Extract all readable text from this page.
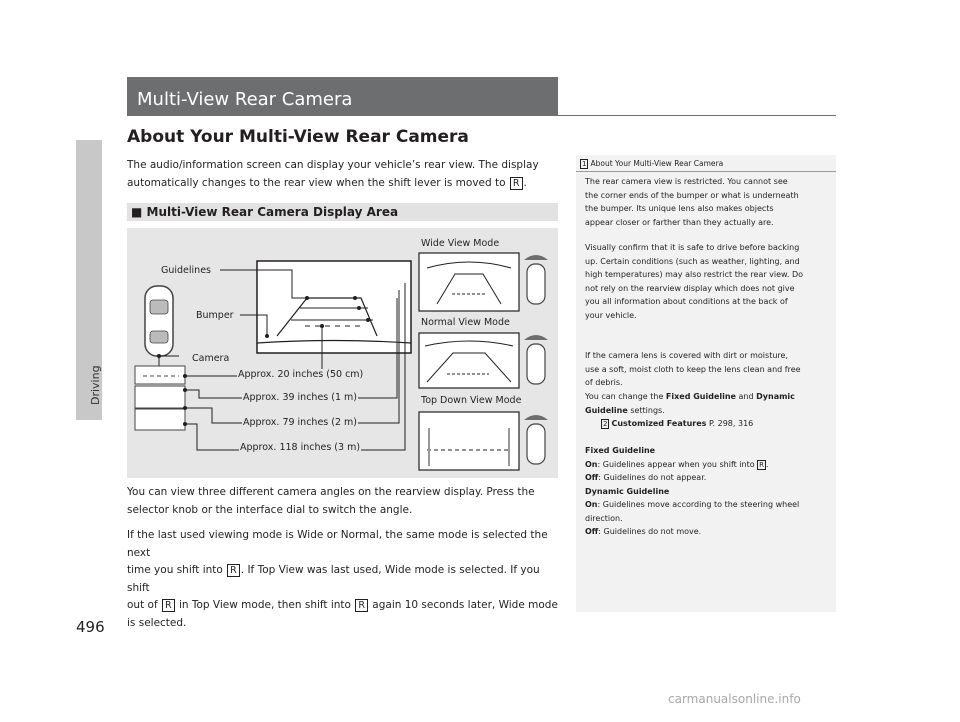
Driving
496
Multi-View Rear Camera
About Your Multi-View Rear Camera
The audio/information screen can display your vehicle’s rear view. The display
automatically changes to the rear view when the shift lever is moved to R .
■ Multi-View Rear Camera Display Area
Guidelines
Bumper
Camera
Approx. 20 inches (50 cm)
Approx. 39 inches (1 m)
Approx. 79 inches (2 m)
Approx. 118 inches (3 m)
Wide View Mode
Normal View Mode
Top Down View Mode
You can view three different camera angles on the rearview display. Press the
selector knob or the interface dial to switch the angle.
If the last used viewing mode is Wide or Normal, the same mode is selected the next
time you shift into R . If Top View was last used, Wide mode is selected. If you shift
out of R in Top View mode, then shift into R again 10 seconds later, Wide mode
is selected.
1 About Your Multi-View Rear Camera
The rear camera view is restricted. You cannot see
the corner ends of the bumper or what is underneath
the bumper. Its unique lens also makes objects
appear closer or farther than they actually are.
Visually confirm that it is safe to drive before backing
up. Certain conditions (such as weather, lighting, and
high temperatures) may also restrict the rear view. Do
not rely on the rearview display which does not give
you all information about conditions at the back of
your vehicle.
If the camera lens is covered with dirt or moisture,
use a soft, moist cloth to keep the lens clean and free
of debris.
You can change the Fixed Guideline and Dynamic
Guideline settings.
2 Customized Features P. 298, 316
Fixed Guideline
On: Guidelines appear when you shift into R .
Off: Guidelines do not appear.
Dynamic Guideline
On: Guidelines move according to the steering wheel
direction.
Off: Guidelines do not move.
carmanualsonline.info
